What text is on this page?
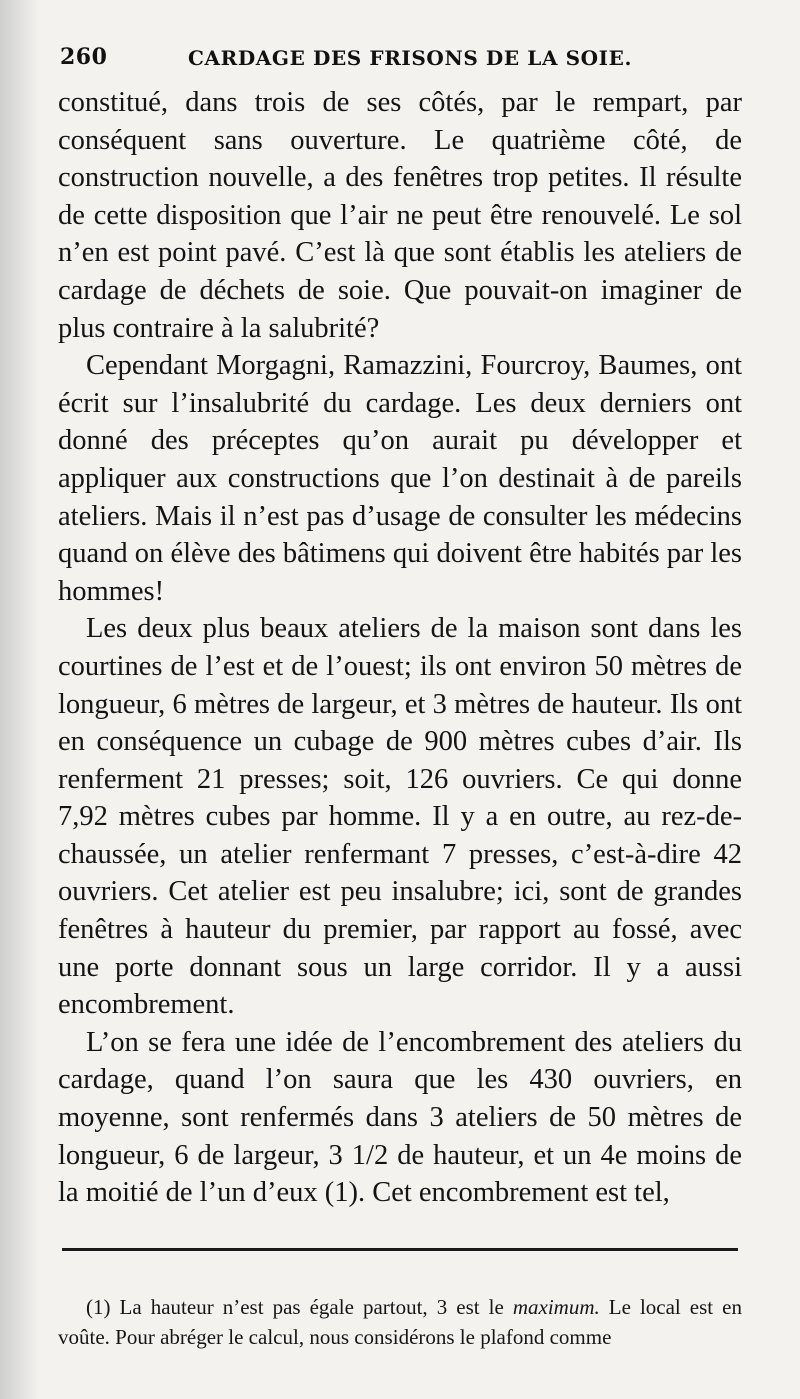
260	CARDAGE DES FRISONS DE LA SOIE.

constitué, dans trois de ses côtés, par le rempart, par conséquent sans ouverture. Le quatrième côté, de construction nouvelle, a des fenêtres trop petites. Il résulte de cette disposition que l’air ne peut être renouvelé. Le sol n’en est point pavé. C’est là que sont établis les ateliers de cardage de déchets de soie. Que pouvait-on imaginer de plus contraire à la salubrité?

Cependant Morgagni, Ramazzini, Fourcroy, Baumes, ont écrit sur l’insalubrité du cardage. Les deux derniers ont donné des préceptes qu’on aurait pu développer et appliquer aux constructions que l’on destinait à de pareils ateliers. Mais il n’est pas d’usage de consulter les médecins quand on élève des bâtimens qui doivent être habités par les hommes!

Les deux plus beaux ateliers de la maison sont dans les courtines de l’est et de l’ouest; ils ont environ 50 mètres de longueur, 6 mètres de largeur, et 3 mètres de hauteur. Ils ont en conséquence un cubage de 900 mètres cubes d’air. Ils renferment 21 presses; soit, 126 ouvriers. Ce qui donne 7,92 mètres cubes par homme. Il y a en outre, au rez-de-chaussée, un atelier renfermant 7 presses, c’est-à-dire 42 ouvriers. Cet atelier est peu insalubre; ici, sont de grandes fenêtres à hauteur du premier, par rapport au fossé, avec une porte donnant sous un large corridor. Il y a aussi encombrement.

L’on se fera une idée de l’encombrement des ateliers du cardage, quand l’on saura que les 430 ouvriers, en moyenne, sont renfermés dans 3 ateliers de 50 mètres de longueur, 6 de largeur, 3 1/2 de hauteur, et un 4e moins de la moitié de l’un d’eux (1). Cet encombrement est tel,

(1) La hauteur n’est pas égale partout, 3 est le maximum. Le local est en voûte. Pour abréger le calcul, nous considérons le plafond comme
